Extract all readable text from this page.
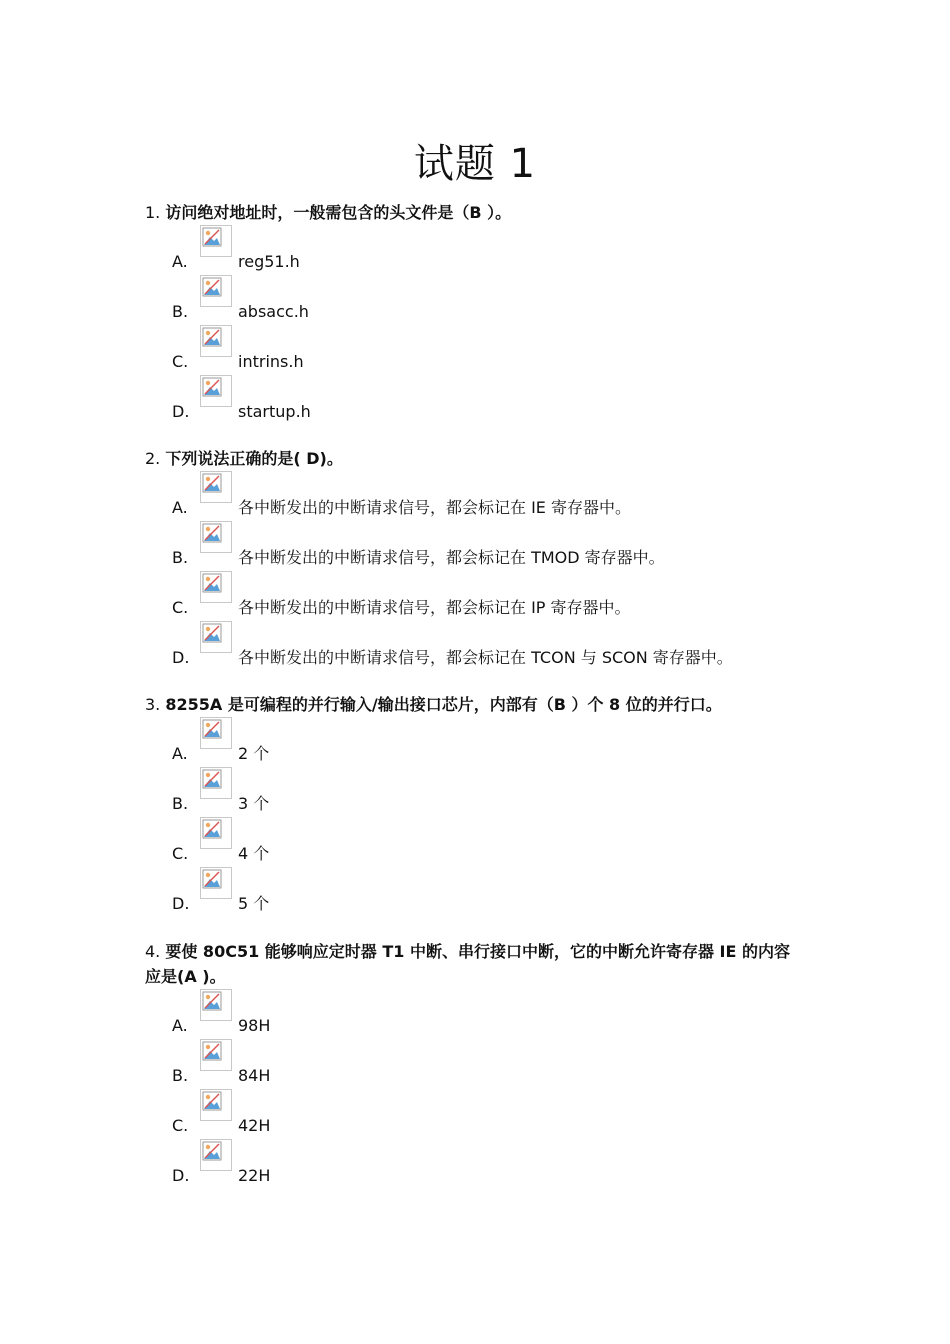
试题 1
1. 访问绝对地址时，一般需包含的头文件是（B ）。
A.	reg51.h
B.	absacc.h
C.	intrins.h
D.	startup.h
2. 下列说法正确的是( D)。
A.	各中断发出的中断请求信号，都会标记在 IE 寄存器中。
B.	各中断发出的中断请求信号，都会标记在 TMOD 寄存器中。
C.	各中断发出的中断请求信号，都会标记在 IP 寄存器中。
D.	各中断发出的中断请求信号，都会标记在 TCON 与 SCON 寄存器中。
3. 8255A 是可编程的并行输入/输出接口芯片，内部有（B ）个 8 位的并行口。
A.	2 个
B.	3 个
C.	4 个
D.	5 个
4. 要使 80C51 能够响应定时器 T1 中断、串行接口中断，它的中断允许寄存器 IE 的内容应是(A )。
A.	98H
B.	84H
C.	42H
D.	22H
